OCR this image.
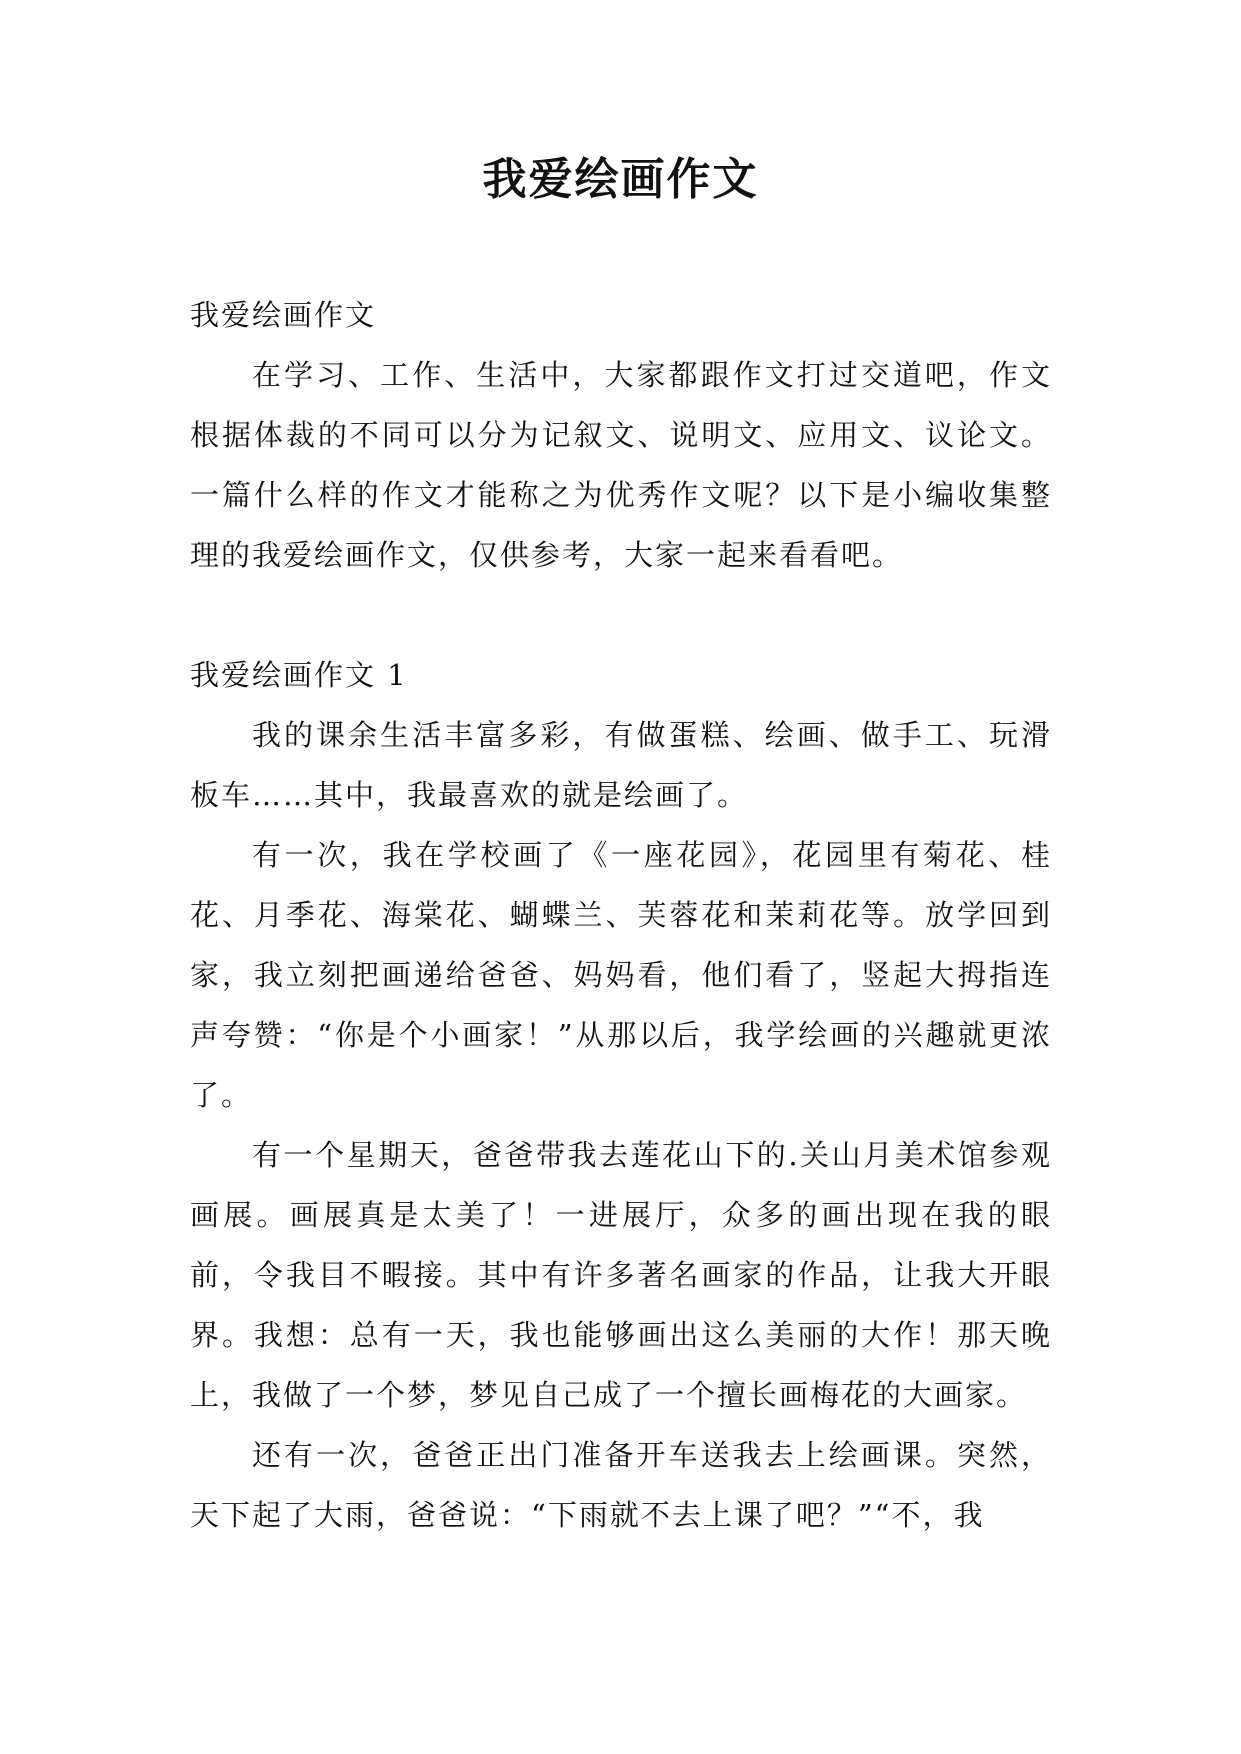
我爱绘画作文

我爱绘画作文

在学习、工作、生活中，大家都跟作文打过交道吧，作文根据体裁的不同可以分为记叙文、说明文、应用文、议论文。一篇什么样的作文才能称之为优秀作文呢？以下是小编收集整理的我爱绘画作文，仅供参考，大家一起来看看吧。

我爱绘画作文 1

我的课余生活丰富多彩，有做蛋糕、绘画、做手工、玩滑板车……其中，我最喜欢的就是绘画了。

有一次，我在学校画了《一座花园》，花园里有菊花、桂花、月季花、海棠花、蝴蝶兰、芙蓉花和茉莉花等。放学回到家，我立刻把画递给爸爸、妈妈看，他们看了，竖起大拇指连声夸赞：“你是个小画家！”从那以后，我学绘画的兴趣就更浓了。

有一个星期天，爸爸带我去莲花山下的.关山月美术馆参观画展。画展真是太美了！一进展厅，众多的画出现在我的眼前，令我目不暇接。其中有许多著名画家的作品，让我大开眼界。我想：总有一天，我也能够画出这么美丽的大作！那天晚上，我做了一个梦，梦见自己成了一个擅长画梅花的大画家。

还有一次，爸爸正出门准备开车送我去上绘画课。突然，天下起了大雨，爸爸说：“下雨就不去上课了吧？”“不，我
